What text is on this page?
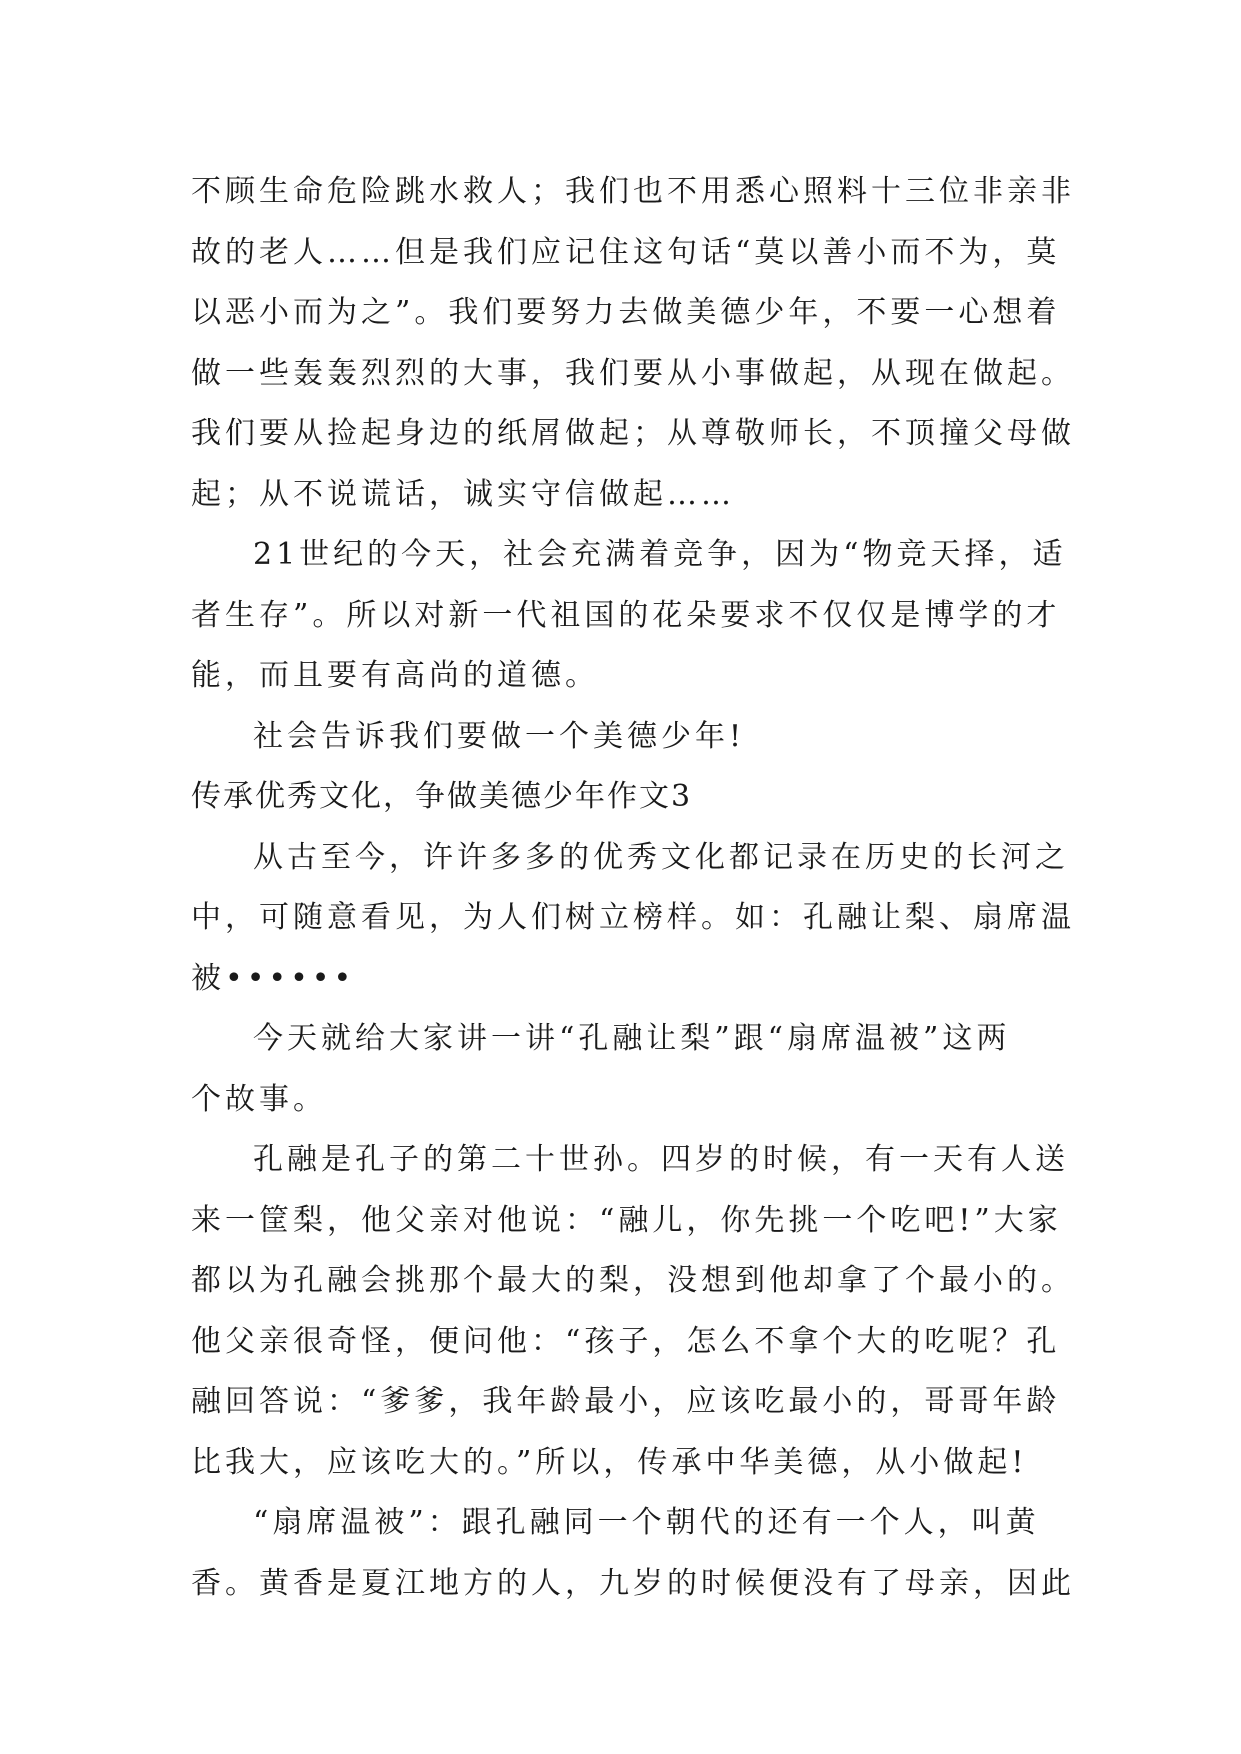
不顾生命危险跳水救人；我们也不用悉心照料十三位非亲非
故的老人……但是我们应记住这句话“莫以善小而不为，莫
以恶小而为之”。我们要努力去做美德少年，不要一心想着
做一些轰轰烈烈的大事，我们要从小事做起，从现在做起。
我们要从捡起身边的纸屑做起；从尊敬师长，不顶撞父母做
起；从不说谎话，诚实守信做起……
21世纪的今天，社会充满着竞争，因为“物竞天择，适
者生存”。所以对新一代祖国的花朵要求不仅仅是博学的才
能，而且要有高尚的道德。
社会告诉我们要做一个美德少年!
传承优秀文化，争做美德少年作文3
从古至今，许许多多的优秀文化都记录在历史的长河之
中，可随意看见，为人们树立榜样。如：孔融让梨、扇席温
被••••••
今天就给大家讲一讲“孔融让梨”跟“扇席温被”这两
个故事。
孔融是孔子的第二十世孙。四岁的时候，有一天有人送
来一筐梨，他父亲对他说：“融儿，你先挑一个吃吧!”大家
都以为孔融会挑那个最大的梨，没想到他却拿了个最小的。
他父亲很奇怪，便问他：“孩子，怎么不拿个大的吃呢？孔
融回答说：“爹爹，我年龄最小，应该吃最小的，哥哥年龄
比我大，应该吃大的。”所以，传承中华美德，从小做起!
“扇席温被”：跟孔融同一个朝代的还有一个人，叫黄
香。黄香是夏江地方的人，九岁的时候便没有了母亲，因此
